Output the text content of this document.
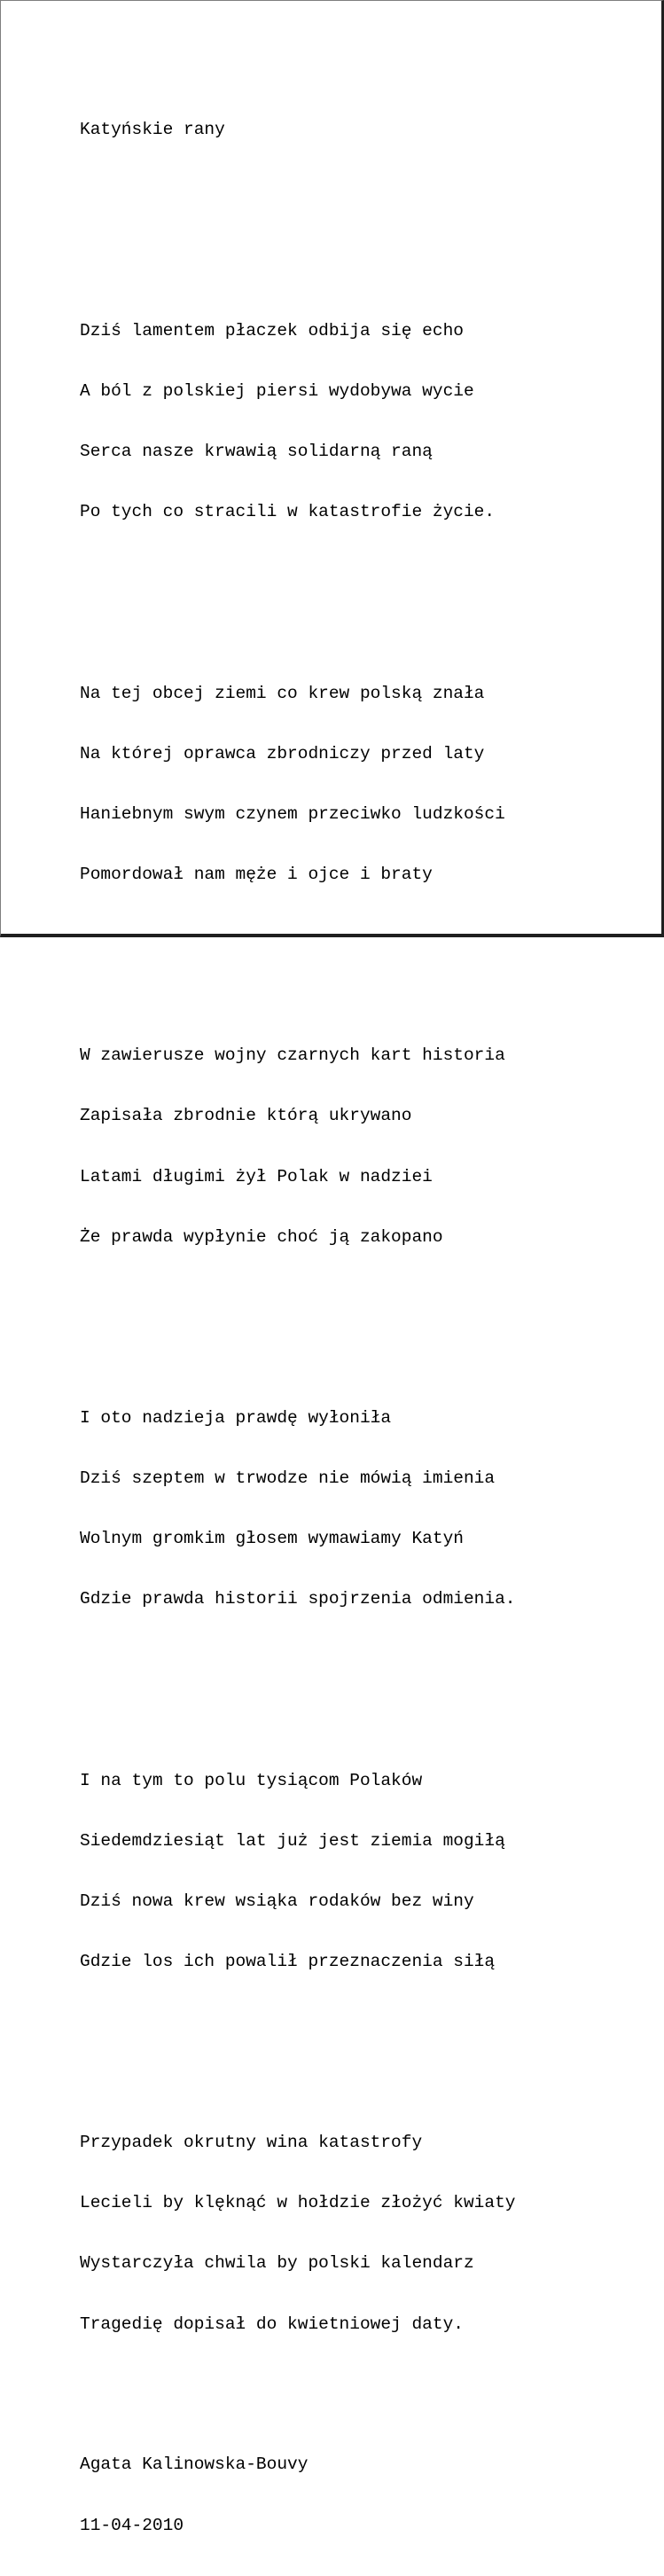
Katyńskie rany

Dziś lamentem płaczek odbija się echo

A ból z polskiej piersi wydobywa wycie

Serca nasze krwawią solidarną raną

Po tych co stracili w katastrofie życie.

Na tej obcej ziemi co krew polską znała

Na której oprawca zbrodniczy przed laty

Haniebnym swym czynem przeciwko ludzkości

Pomordował nam męże i ojce i braty

W zawierusze wojny czarnych kart historia

Zapisała zbrodnie którą ukrywano

Latami długimi żył Polak w nadziei

Że prawda wypłynie choć ją zakopano

I oto nadzieja prawdę wyłoniła

Dziś szeptem w trwodze nie mówią imienia

Wolnym gromkim głosem wymawiamy Katyń

Gdzie prawda historii spojrzenia odmienia.

I na tym to polu tysiącom Polaków

Siedemdziesiąt lat już jest ziemia mogiłą

Dziś nowa krew wsiąka rodaków bez winy

Gdzie los ich powalił przeznaczenia siłą

Przypadek okrutny wina katastrofy

Lecieli by klęknąć w hołdzie złożyć kwiaty

Wystarczyła chwila by polski kalendarz

Tragedię dopisał do kwietniowej daty.

Agata Kalinowska-Bouvy

11-04-2010
